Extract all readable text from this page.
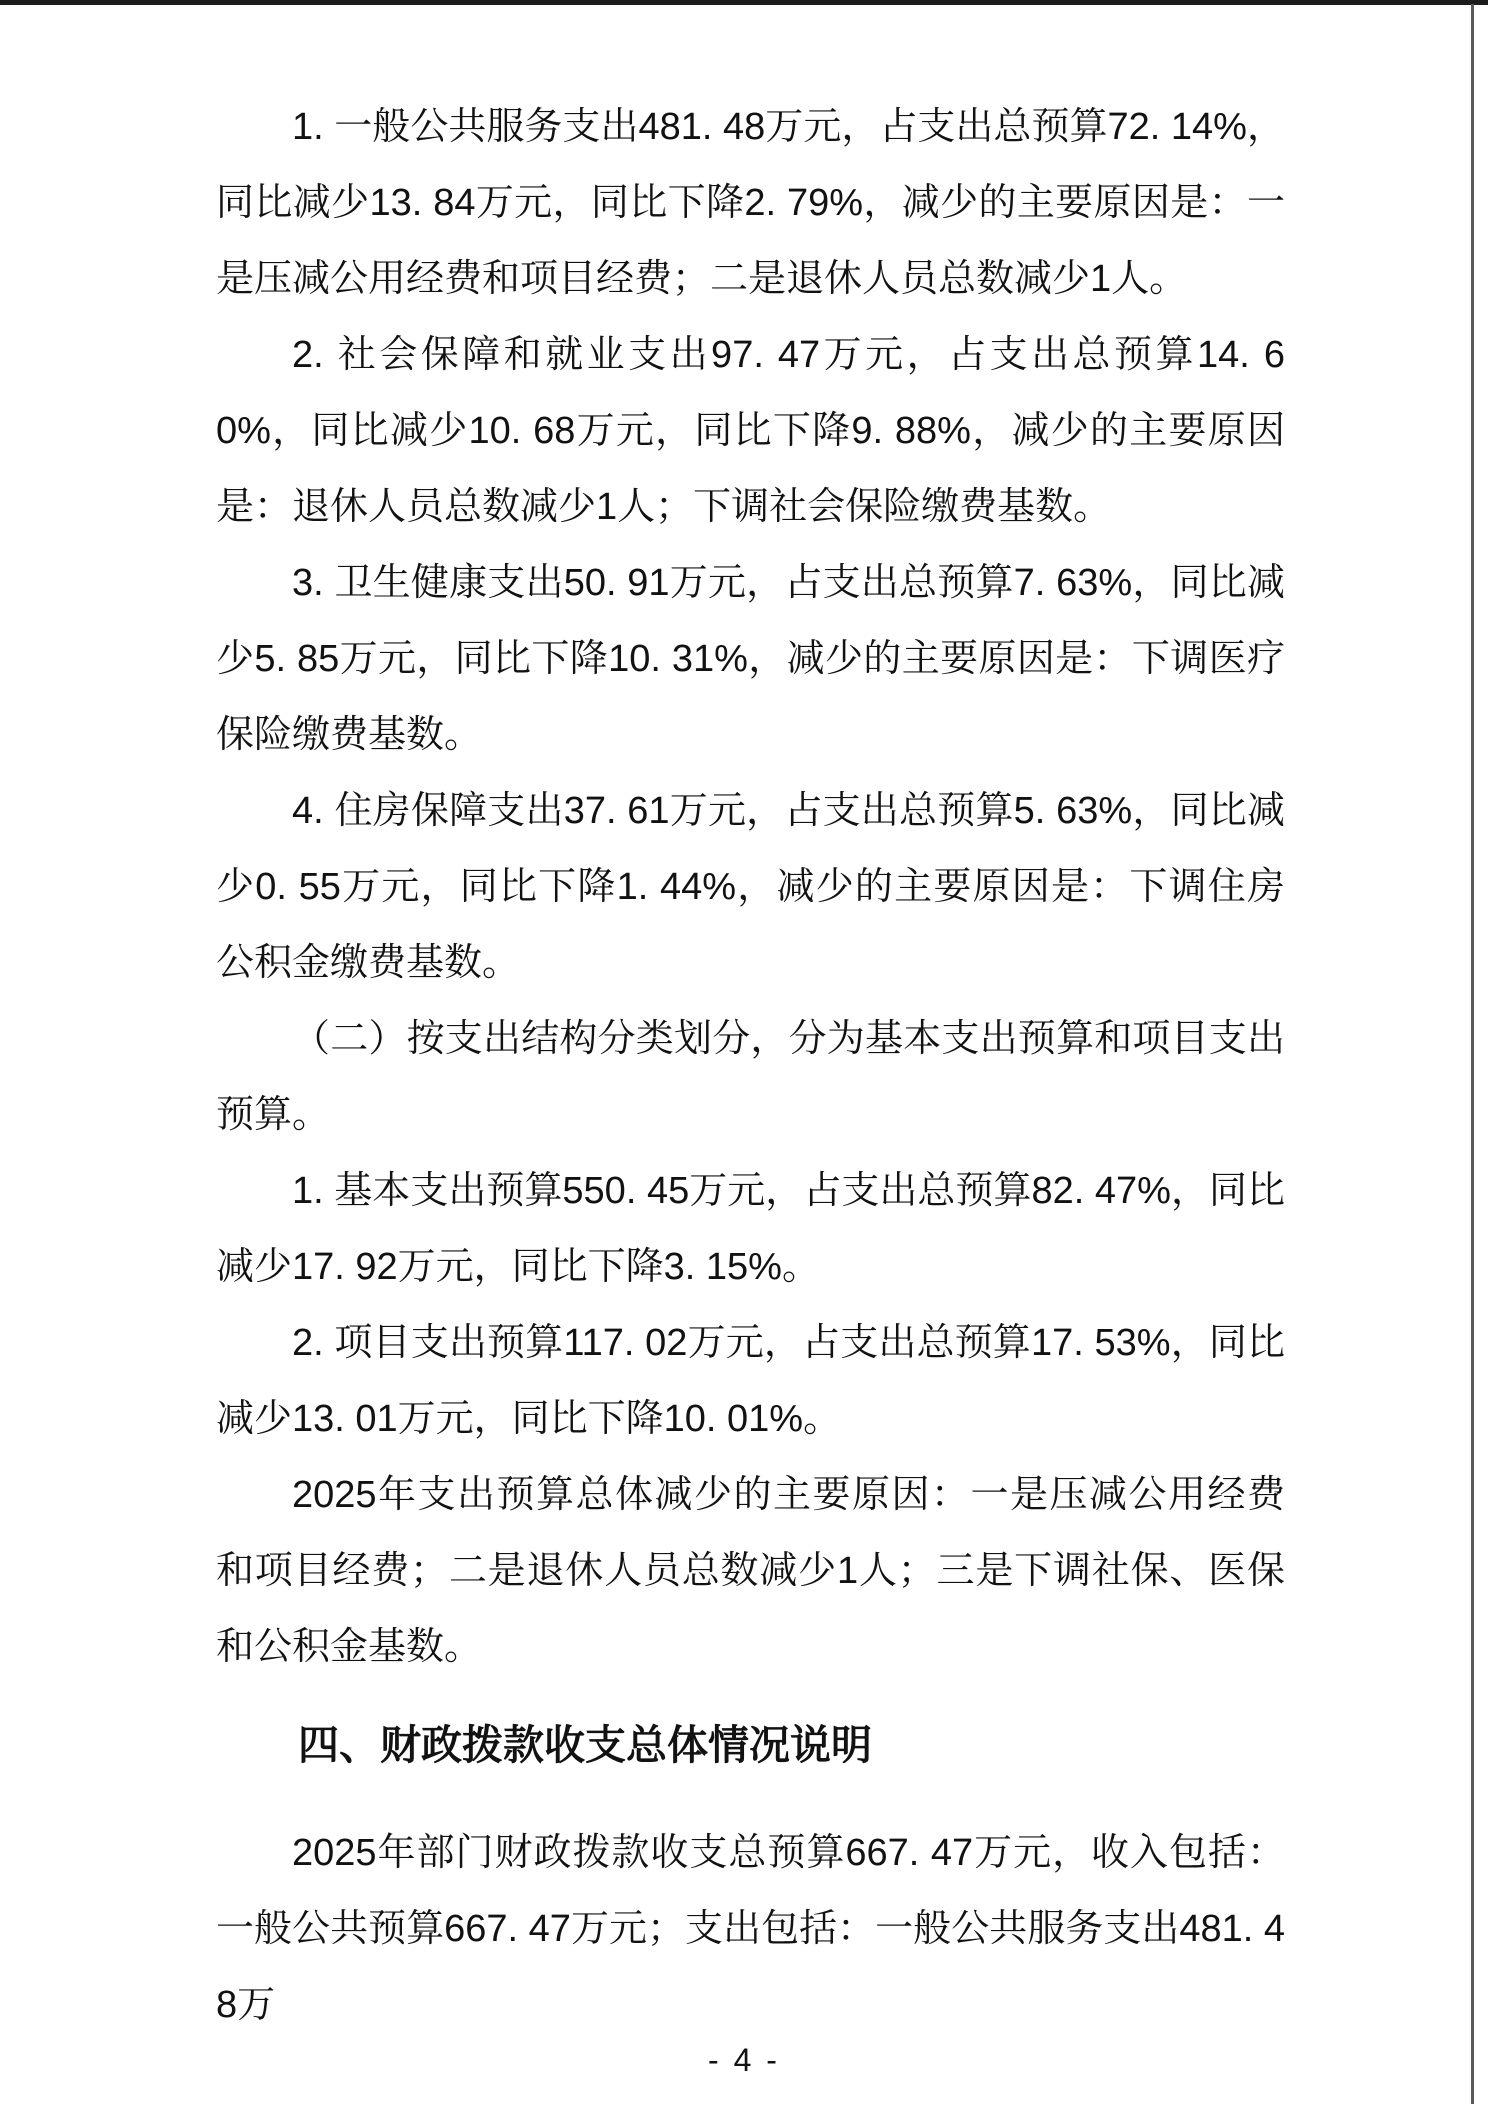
1. 一般公共服务支出481. 48万元，占支出总预算72. 14%，同比减少13. 84万元，同比下降2. 79%，减少的主要原因是：一是压减公用经费和项目经费；二是退休人员总数减少1人。

2. 社会保障和就业支出97. 47万元，占支出总预算14. 60%，同比减少10. 68万元，同比下降9. 88%，减少的主要原因是：退休人员总数减少1人；下调社会保险缴费基数。

3. 卫生健康支出50. 91万元，占支出总预算7. 63%，同比减少5. 85万元，同比下降10. 31%，减少的主要原因是：下调医疗保险缴费基数。

4. 住房保障支出37. 61万元，占支出总预算5. 63%，同比减少0. 55万元，同比下降1. 44%，减少的主要原因是：下调住房公积金缴费基数。

（二）按支出结构分类划分，分为基本支出预算和项目支出预算。

1. 基本支出预算550. 45万元，占支出总预算82. 47%，同比减少17. 92万元，同比下降3. 15%。

2. 项目支出预算117. 02万元，占支出总预算17. 53%，同比减少13. 01万元，同比下降10. 01%。

2025年支出预算总体减少的主要原因：一是压减公用经费和项目经费；二是退休人员总数减少1人；三是下调社保、医保和公积金基数。

四、财政拨款收支总体情况说明

2025年部门财政拨款收支总预算667. 47万元，收入包括：一般公共预算667. 47万元；支出包括：一般公共服务支出481. 48万

- 4 -
